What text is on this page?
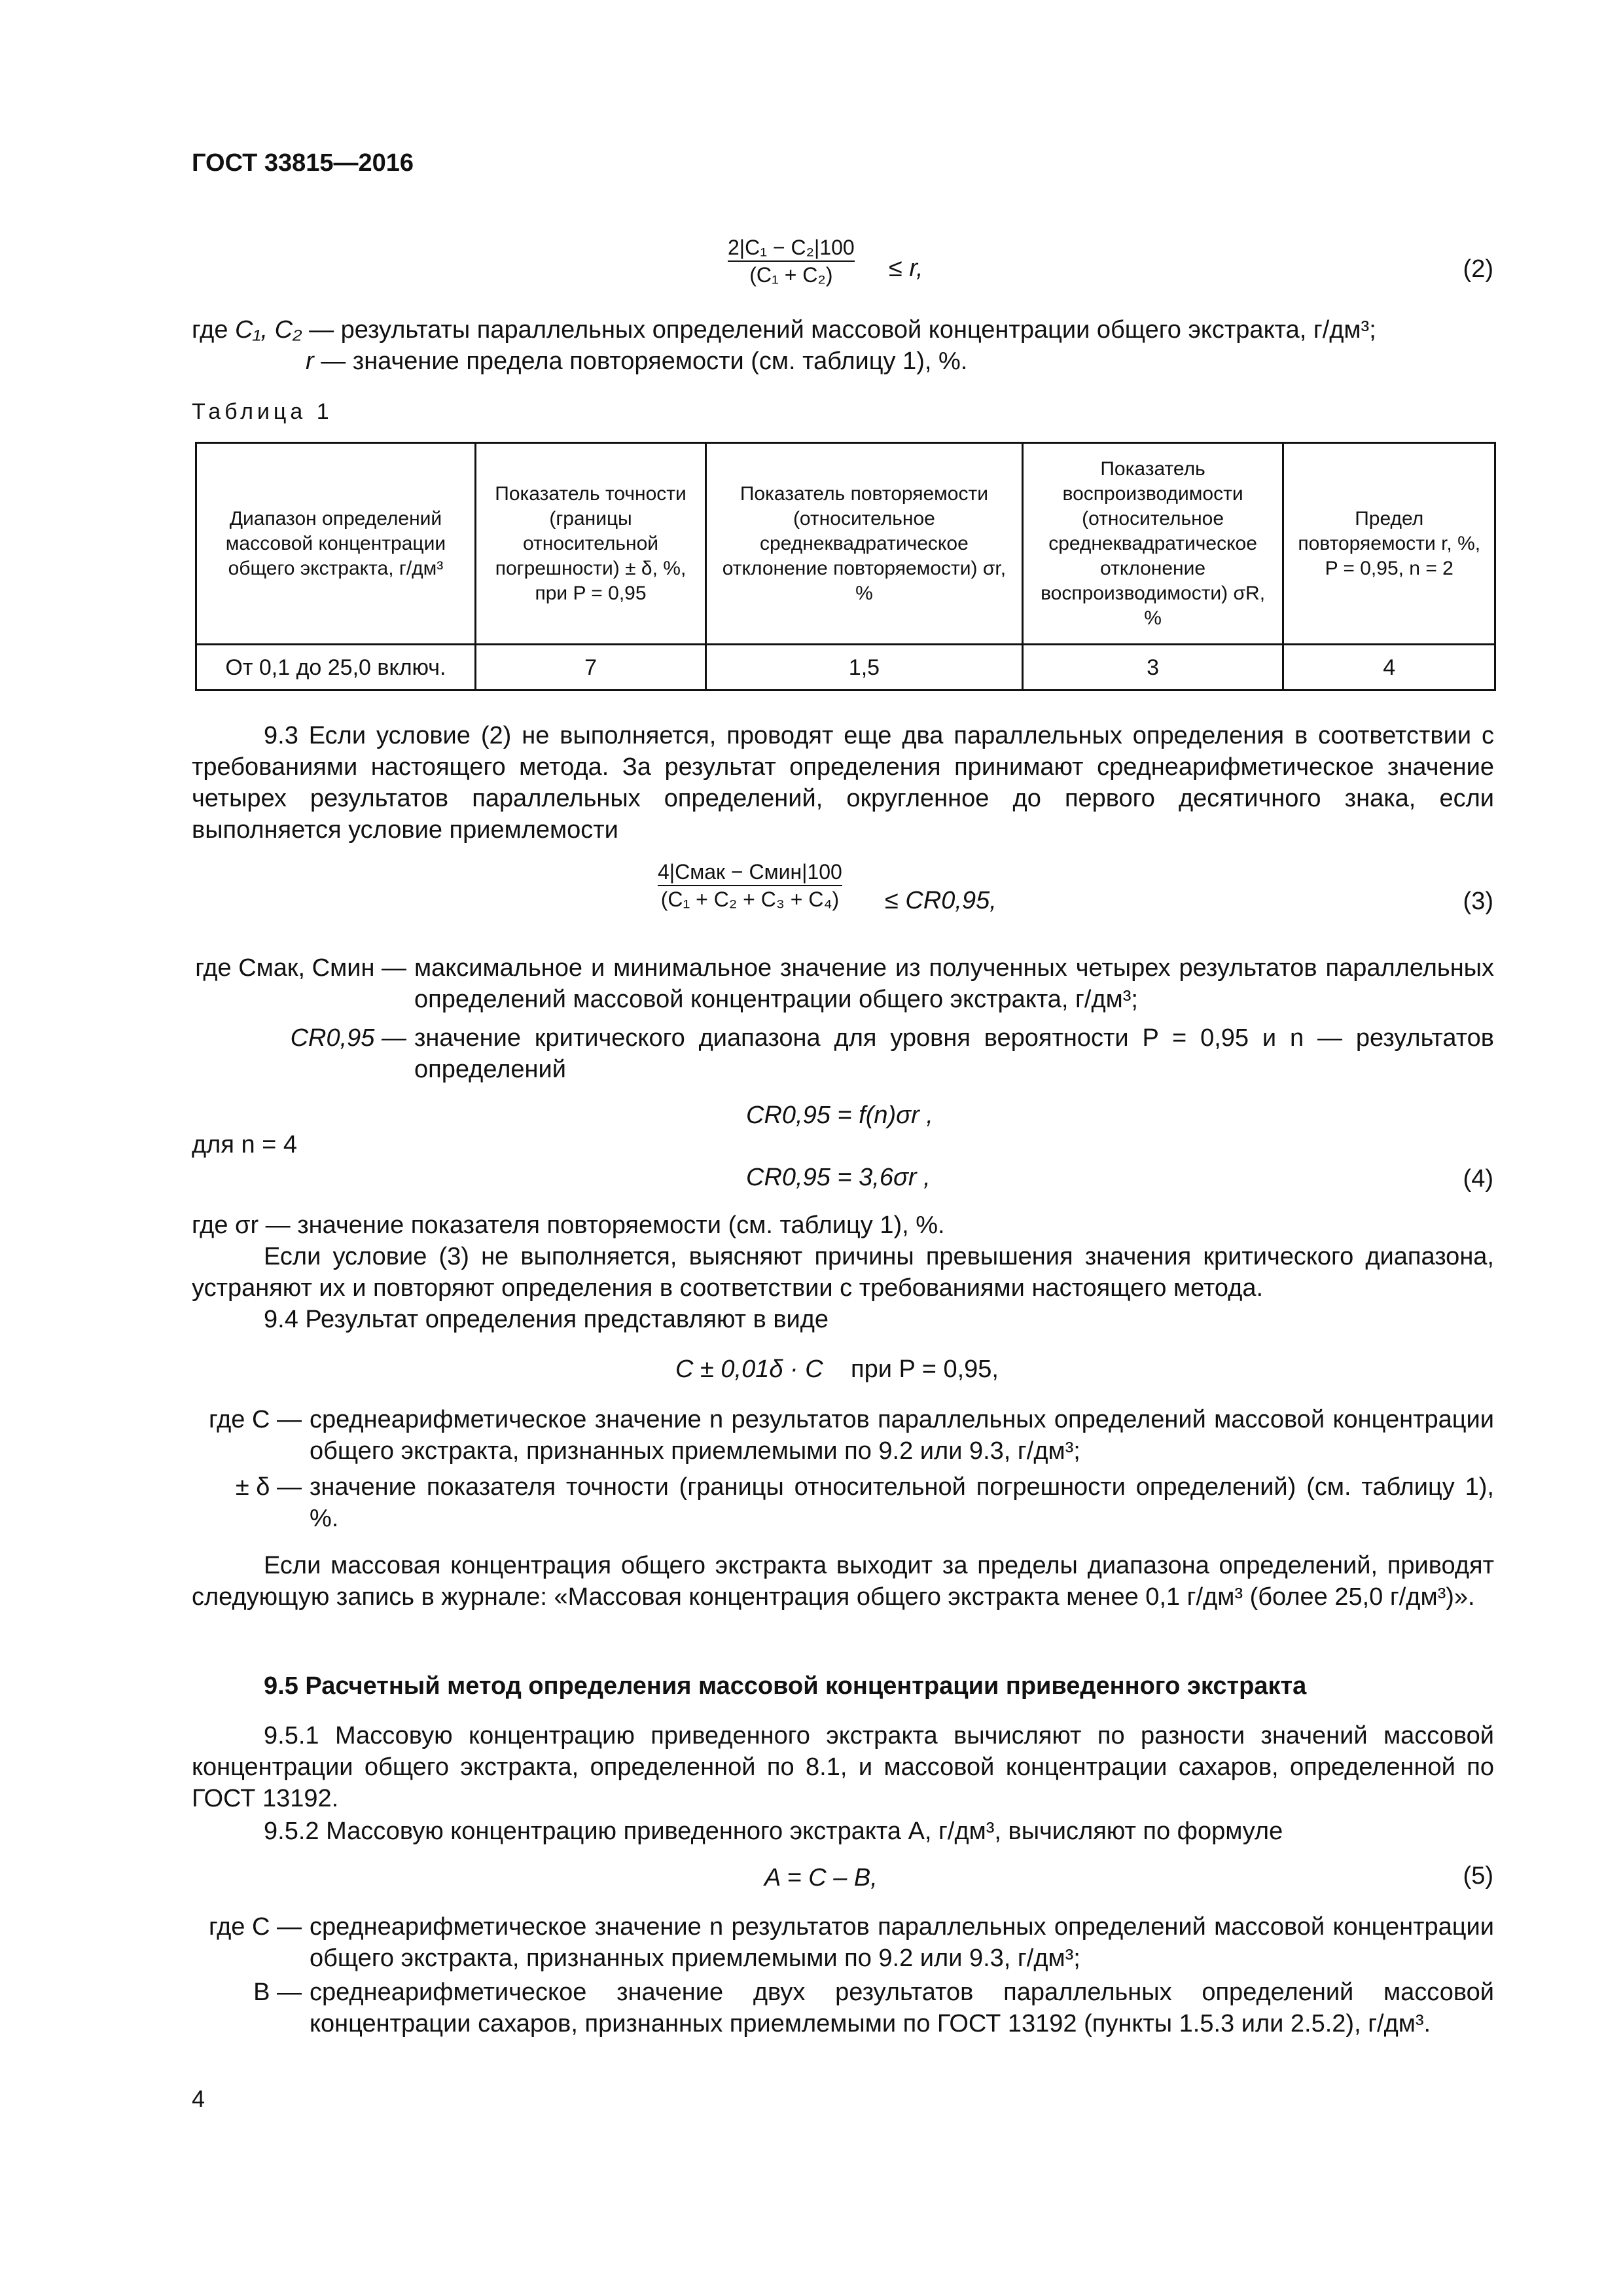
ГОСТ 33815—2016
2|C₁ − C₂|100
(C₁ + C₂) ≤ r,	(2)
где C₁, C₂ — результаты параллельных определений массовой концентрации общего экстракта, г/дм³;
r — значение предела повторяемости (см. таблицу 1), %.
Таблица 1
Диапазон определений массовой концентрации общего экстракта, г/дм³	Показатель точности (границы относительной погрешности) ± δ, %, при P = 0,95	Показатель повторяемости (относительное среднеквадратическое отклонение повторяемости) σr, %	Показатель воспроизводимости (относительное среднеквадратическое отклонение воспроизводимости) σR, %	Предел повторяемости r, %, P = 0,95, n = 2
От 0,1 до 25,0 включ.	7	1,5	3	4
9.3 Если условие (2) не выполняется, проводят еще два параллельных определения в соответствии с требованиями настоящего метода. За результат определения принимают среднеарифметическое значение четырех результатов параллельных определений, округленное до первого десятичного знака, если выполняется условие приемлемости
4|Cмак − Cмин|100
(C₁ + C₂ + C₃ + C₄) ≤ CR0,95,	(3)
где Cмак, Cмин — максимальное и минимальное значение из полученных четырех результатов параллельных определений массовой концентрации общего экстракта, г/дм³;
CR0,95 — значение критического диапазона для уровня вероятности P = 0,95 и n — результатов определений
CR0,95 = f(n)σr ,
для n = 4
CR0,95 = 3,6σr ,	(4)
где σr — значение показателя повторяемости (см. таблицу 1), %.
Если условие (3) не выполняется, выясняют причины превышения значения критического диапазона, устраняют их и повторяют определения в соответствии с требованиями настоящего метода.
9.4 Результат определения представляют в виде
C ± 0,01δ · C при P = 0,95,
где C — среднеарифметическое значение n результатов параллельных определений массовой концентрации общего экстракта, признанных приемлемыми по 9.2 или 9.3, г/дм³;
± δ — значение показателя точности (границы относительной погрешности определений) (см. таблицу 1), %.
Если массовая концентрация общего экстракта выходит за пределы диапазона определений, приводят следующую запись в журнале: «Массовая концентрация общего экстракта менее 0,1 г/дм³ (более 25,0 г/дм³)».
9.5 Расчетный метод определения массовой концентрации приведенного экстракта
9.5.1 Массовую концентрацию приведенного экстракта вычисляют по разности значений массовой концентрации общего экстракта, определенной по 8.1, и массовой концентрации сахаров, определенной по ГОСТ 13192.
9.5.2 Массовую концентрацию приведенного экстракта A, г/дм³, вычисляют по формуле
A = C – B,	(5)
где C — среднеарифметическое значение n результатов параллельных определений массовой концентрации общего экстракта, признанных приемлемыми по 9.2 или 9.3, г/дм³;
B — среднеарифметическое значение двух результатов параллельных определений массовой концентрации сахаров, признанных приемлемыми по ГОСТ 13192 (пункты 1.5.3 или 2.5.2), г/дм³.
4
